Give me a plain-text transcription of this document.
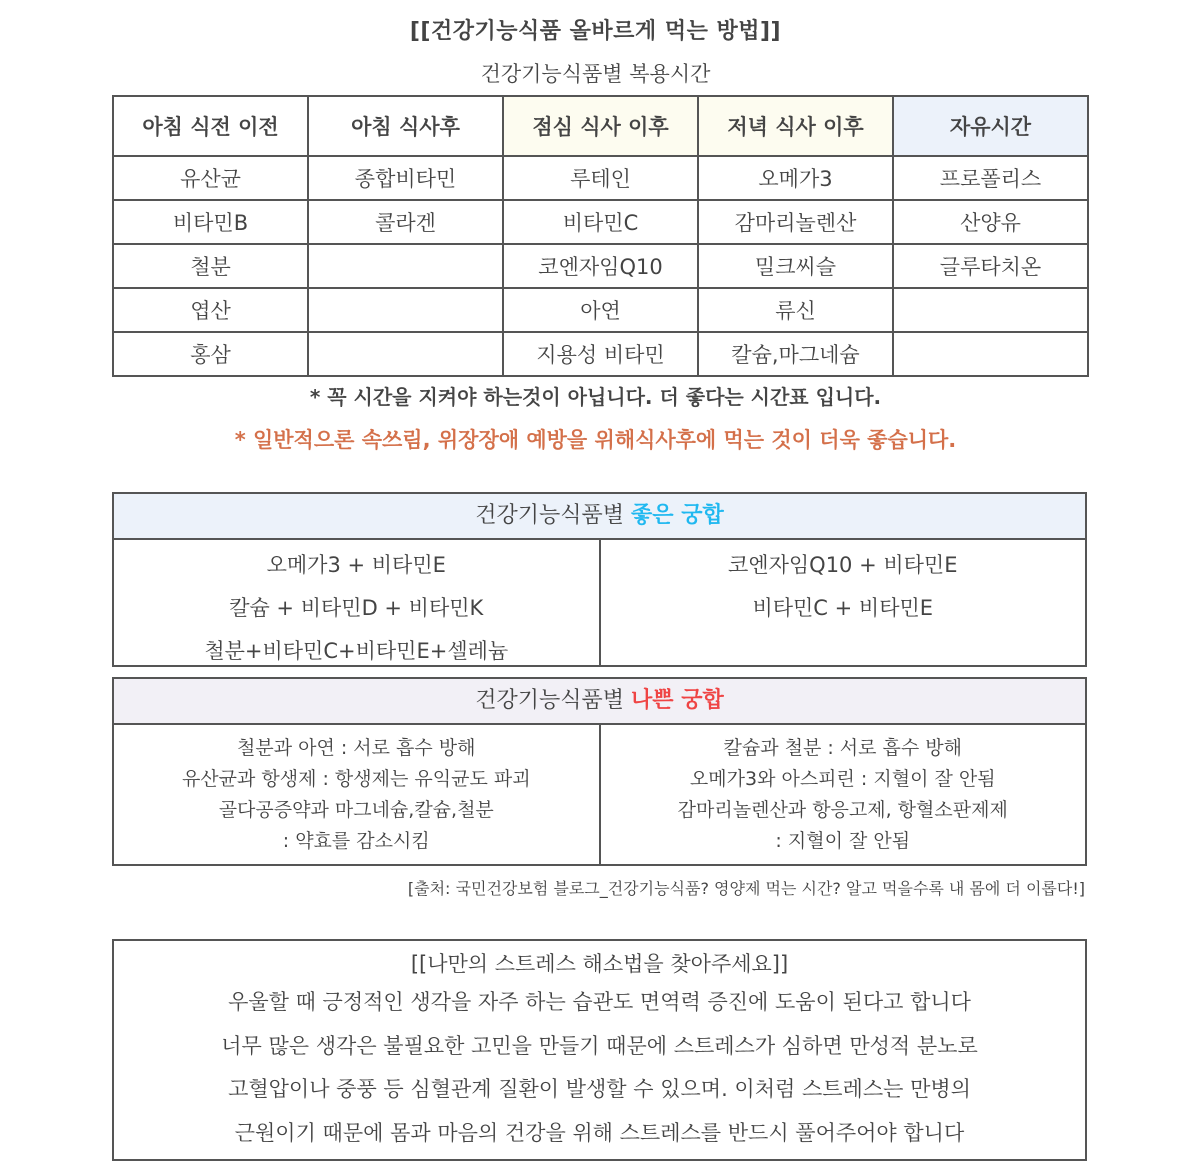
[[건강기능식품 올바르게 먹는 방법]]
건강기능식품별 복용시간
아침 식전 이전	아침 식사후	점심 식사 이후	저녁 식사 이후	자유시간
유산균	종합비타민	루테인	오메가3	프로폴리스
비타민B	콜라겐	비타민C	감마리놀렌산	산양유
철분		코엔자임Q10	밀크씨슬	글루타치온
엽산		아연	류신	
홍삼		지용성 비타민	칼슘,마그네슘	
* 꼭 시간을 지켜야 하는것이 아닙니다. 더 좋다는 시간표 입니다.
* 일반적으론 속쓰림, 위장장애 예방을 위해식사후에 먹는 것이 더욱 좋습니다.
건강기능식품별 좋은 궁합
오메가3 + 비타민E
칼슘 + 비타민D + 비타민K
철분+비타민C+비타민E+셀레늄
코엔자임Q10 + 비타민E
비타민C + 비타민E
건강기능식품별 나쁜 궁합
철분과 아연 : 서로 흡수 방해
유산균과 항생제 : 항생제는 유익균도 파괴
골다공증약과 마그네슘,칼슘,철분
: 약효를 감소시킴
칼슘과 철분 : 서로 흡수 방해
오메가3와 아스피린 : 지혈이 잘 안됨
감마리놀렌산과 항응고제, 항혈소판제제
: 지혈이 잘 안됨
[출처: 국민건강보험 블로그_건강기능식품? 영양제 먹는 시간? 알고 먹을수록 내 몸에 더 이롭다!]
[[나만의 스트레스 해소법을 찾아주세요]]
우울할 때 긍정적인 생각을 자주 하는 습관도 면역력 증진에 도움이 된다고 합니다
너무 많은 생각은 불필요한 고민을 만들기 때문에 스트레스가 심하면 만성적 분노로
고혈압이나 중풍 등 심혈관계 질환이 발생할 수 있으며. 이처럼 스트레스는 만병의
근원이기 때문에 몸과 마음의 건강을 위해 스트레스를 반드시 풀어주어야 합니다
